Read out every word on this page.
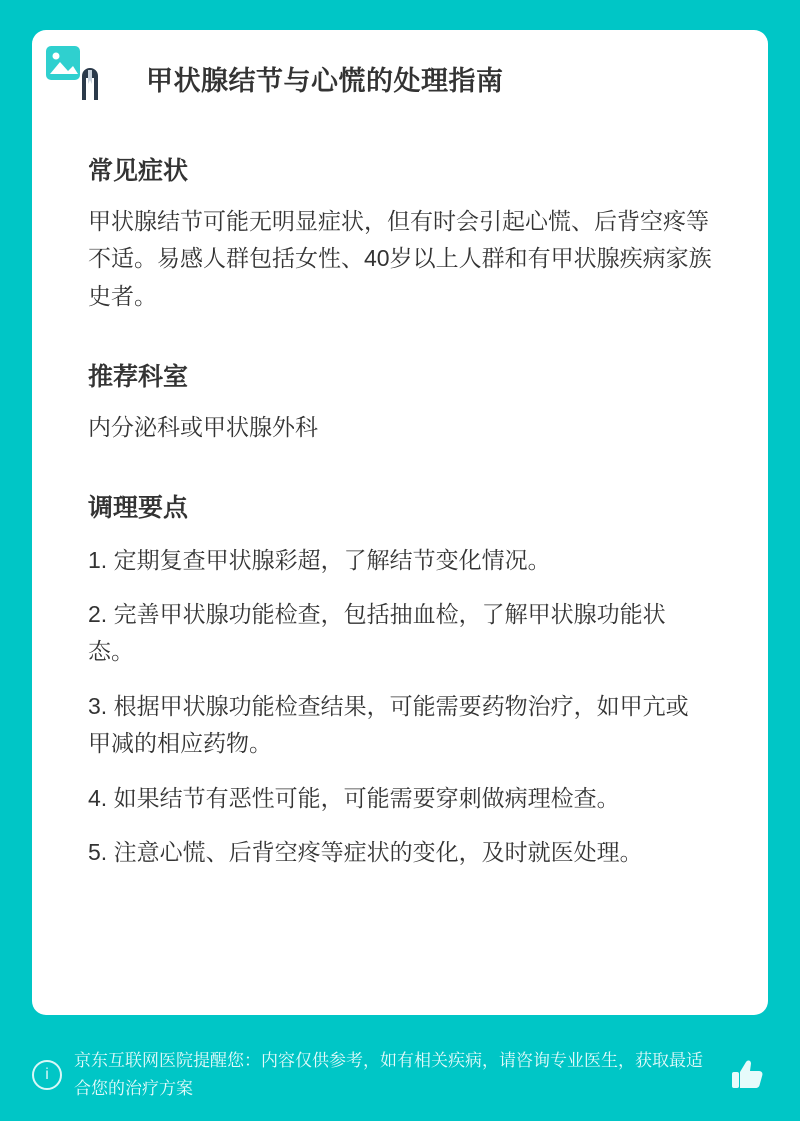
甲状腺结节与心慌的处理指南
常见症状

甲状腺结节可能无明显症状，但有时会引起心慌、后背空疼等不适。易感人群包括女性、40岁以上人群和有甲状腺疾病家族史者。

推荐科室

内分泌科或甲状腺外科

调理要点
1. 定期复查甲状腺彩超，了解结节变化情况。
2. 完善甲状腺功能检查，包括抽血检，了解甲状腺功能状态。
3. 根据甲状腺功能检查结果，可能需要药物治疗，如甲亢或甲减的相应药物。
4. 如果结节有恶性可能，可能需要穿刺做病理检查。
5. 注意心慌、后背空疼等症状的变化，及时就医处理。
i
京东互联网医院提醒您：内容仅供参考，如有相关疾病，请咨询专业医生，获取最适合您的治疗方案
